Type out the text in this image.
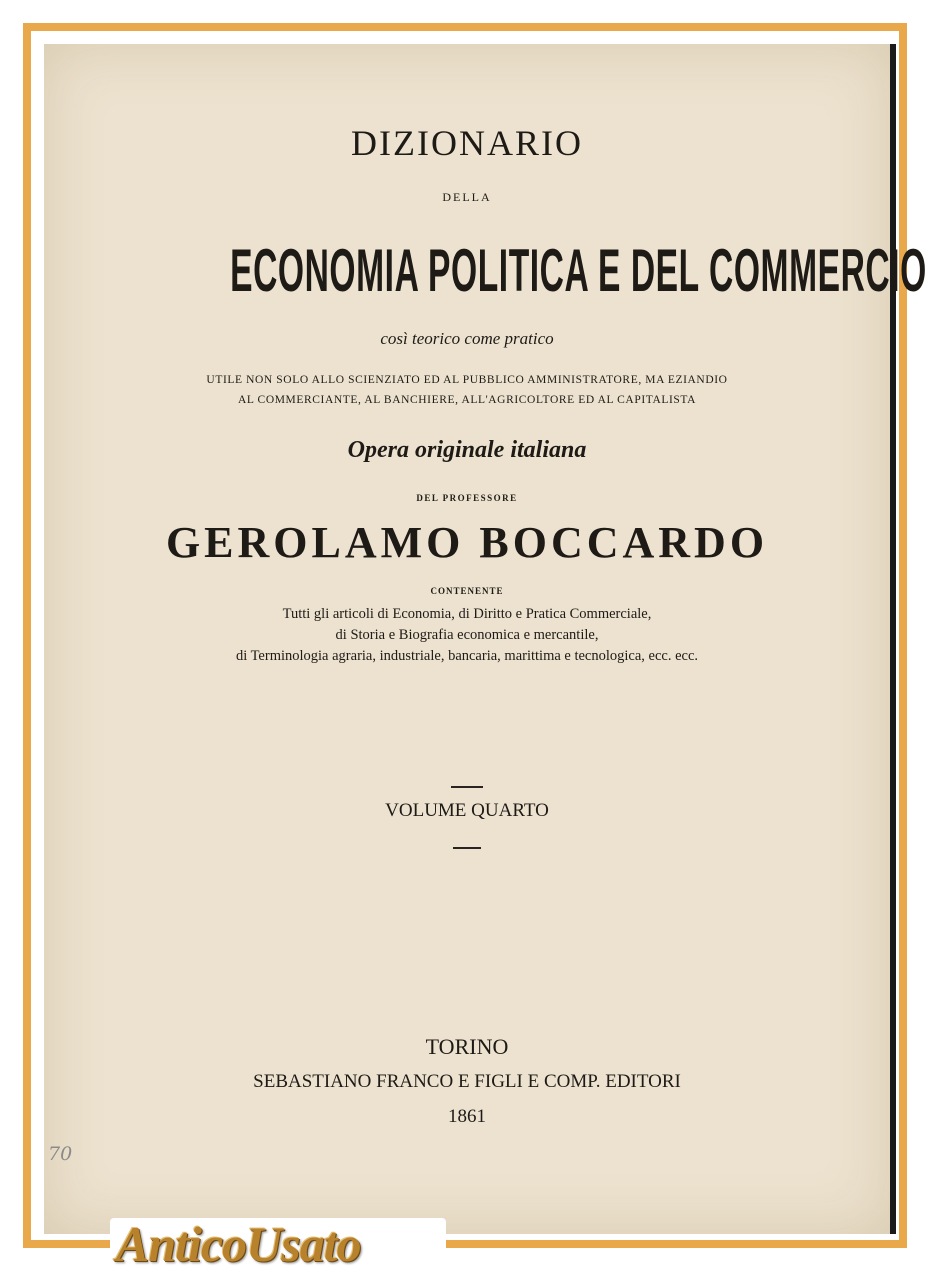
DIZIONARIO
DELLA
ECONOMIA POLITICA E DEL COMMERCIO
così teorico come pratico
UTILE NON SOLO ALLO SCIENZIATO ED AL PUBBLICO AMMINISTRATORE, MA EZIANDIO
AL COMMERCIANTE, AL BANCHIERE, ALL'AGRICOLTORE ED AL CAPITALISTA
Opera originale italiana
DEL PROFESSORE
GEROLAMO BOCCARDO
CONTENENTE
Tutti gli articoli di Economia, di Diritto e Pratica Commerciale,
di Storia e Biografia economica e mercantile,
di Terminologia agraria, industriale, bancaria, marittima e tecnologica, ecc. ecc.
VOLUME QUARTO
TORINO
SEBASTIANO FRANCO E FIGLI E COMP. EDITORI
1861
70
AnticoUsato
